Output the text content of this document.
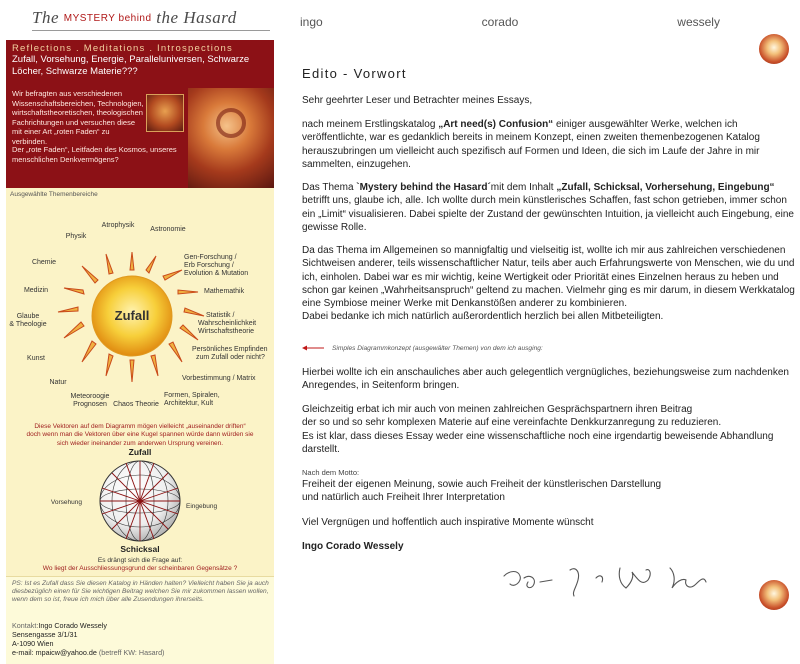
The MYSTERY behind the Hasard	ingo	corado	wessely
Reflections . Meditations . Introspections
Zufall, Vorsehung, Energie, Paralleluniversen, Schwarze Löcher, Schwarze Materie???
Wir befragten aus verschiedenen Wissenschaftsbereichen, Technologien, wirtschaftstheoretischen, theologischen Fachrichtungen und versuchen diese mit einer Art „roten Faden“ zu verbinden.
Der „rote Faden“, Leitfaden des Kosmos, unseres menschlichen Denkvermögens?
Ausgewählte Themenbereiche
Zufall
Atrophysik
Astronomie
Physik
Chemie
Medizin
Gen-Forschung /
Erb Forschung /
Evolution & Mutation
Mathemathik
Glaube
& Theologie
Statistik /
Wahrscheinlichkeit
Wirtschaftstheorie
Kunst
Persönliches Empfinden
zum Zufall oder nicht?
Natur
Vorbestimmung / Matrix
Meteoroogie
Prognosen Chaos Theorie
Formen, Spiralen,
Architektur, Kult
Diese Vektoren auf dem Diagramm mögen vielleicht „auseinander driften“
doch wenn man die Vektoren über eine Kugel spannen würde dann würden sie
sich wieder ineinander zum anderwen Ursprung vereinen.
Zufall
Vorsehung
Eingebung
Schicksal
Es drängt sich die Frage auf:
Wo liegt der Ausschliessungsgrund der scheinbaren Gegensätze ?
PS: Ist es Zufall dass Sie diesen Katalog in Händen halten? Vielleicht haben Sie ja auch diesbezüglich einen für Sie wichtigen Beitrag welchen Sie mir zukommen lassen wollen, wenn dem so ist, freue ich mich über alle Zusendungen ihrerseits.
Kontakt:Ingo Corado Wessely
Sensengasse 3/1/31
A-1090 Wien
e-mail: mpaicw@yahoo.de (betreff KW: Hasard)
Edito - Vorwort

Sehr geehrter Leser und Betrachter meines Essays,

nach meinem Erstlingskatalog „Art need(s) Confusion“ einiger ausgewählter Werke, welchen ich veröffentlichte, war es gedanklich bereits in meinem Konzept, einen zweiten themenbezogenen Katalog herauszubringen um vielleicht auch spezifisch auf Formen und Ideen, die sich im Laufe der Jahre in mir sammelten, einzugehen.

Das Thema `Mystery behind the Hasard´mit dem Inhalt „Zufall, Schicksal, Vorhersehung, Eingebung“ betrifft uns, glaube ich, alle. Ich wollte durch mein künstlerisches Schaffen, fast schon getrieben, immer schon ein „Limit“ visualisieren. Dabei spielte der Zustand der gewünschten Intuition, ja vielleicht auch Eingebung, eine gewisse Rolle.

Da das Thema im Allgemeinen so mannigfaltig und vielseitig ist, wollte ich mir aus zahlreichen verschiedenen Sichtweisen anderer, teils wissenschaftlicher Natur, teils aber auch Erfahrungswerte von Menschen, wie du und ich, einholen. Dabei war es mir wichtig, keine Wertigkeit oder Priorität eines Einzelnen heraus zu heben und schon gar keinen „Wahrheitsanspruch“ geltend zu machen. Vielmehr ging es mir darum, in diesem Werkkatalog eine Symbiose meiner Werke mit Denkanstößen anderer zu kombinieren.
Dabei bedanke ich mich natürlich außerordentlich herzlich bei allen Mitbeteiligten.

Hierbei wollte ich ein anschauliches aber auch gelegentlich vergnügliches, beziehungsweise zum nachdenken Anregendes, in Seitenform bringen.

Gleichzeitig erbat ich mir auch von meinen zahlreichen Gesprächspartnern ihren Beitrag
der so und so sehr komplexen Materie auf eine vereinfachte Denkkurzanregung zu reduzieren.
Es ist klar, dass dieses Essay weder eine wissenschaftliche noch eine irgendartig beweisende Abhandlung darstellt.

Nach dem Motto:

Freiheit der eigenen Meinung, sowie auch Freiheit der künstlerischen Darstellung
und natürlich auch Freiheit Ihrer Interpretation

Viel Vergnügen und hoffentlich auch inspirative Momente wünscht

Ingo Corado Wessely

Simples Diagrammkonzept (ausgewälter Themen) von dem ich ausging:
